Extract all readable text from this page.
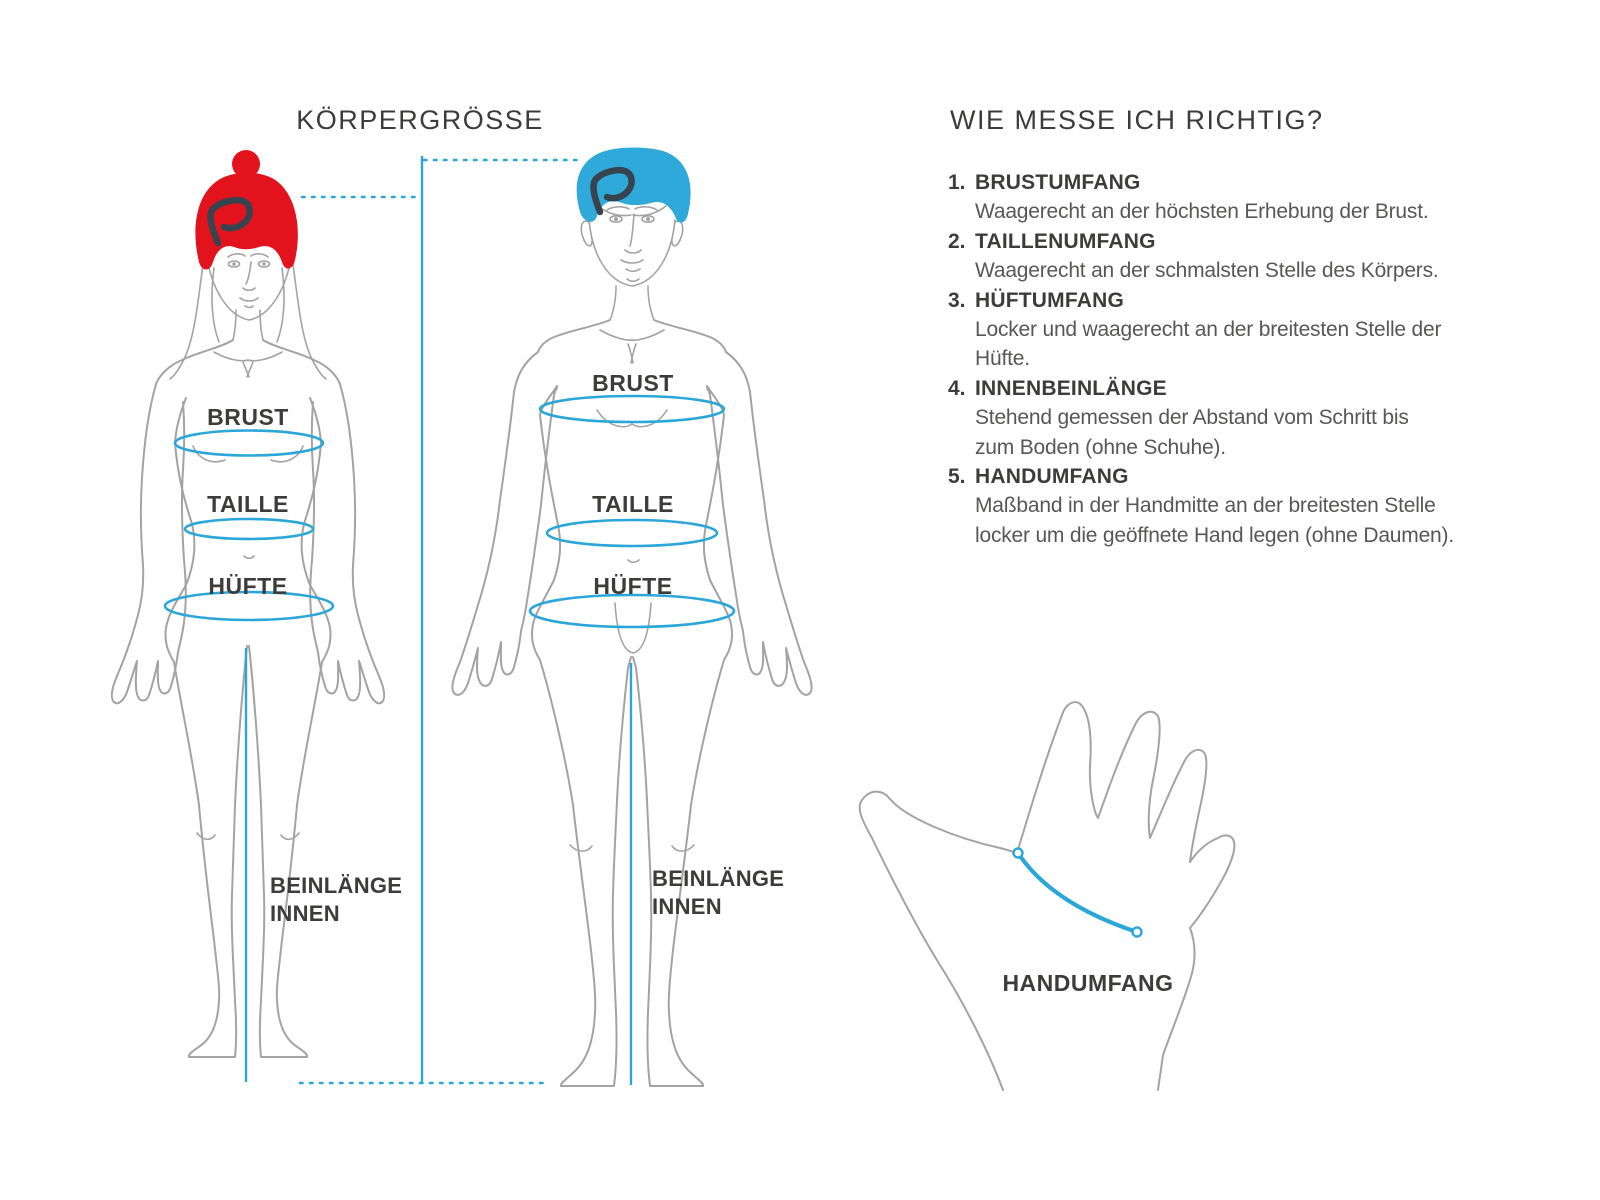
KÖRPERGRÖSSE	WIE MESSE ICH RICHTIG?
BRUST
TAILLE
HÜFTE
BEINLÄNGE
INNEN
BRUST
TAILLE
HÜFTE
BEINLÄNGE
INNEN
1. BRUSTUMFANG
Waagerecht an der höchsten Erhebung der Brust.
2. TAILLENUMFANG
Waagerecht an der schmalsten Stelle des Körpers.
3. HÜFTUMFANG
Locker und waagerecht an der breitesten Stelle der
Hüfte.
4. INNENBEINLÄNGE
Stehend gemessen der Abstand vom Schritt bis
zum Boden (ohne Schuhe).
5. HANDUMFANG
Maßband in der Handmitte an der breitesten Stelle
locker um die geöffnete Hand legen (ohne Daumen).
HANDUMFANG
